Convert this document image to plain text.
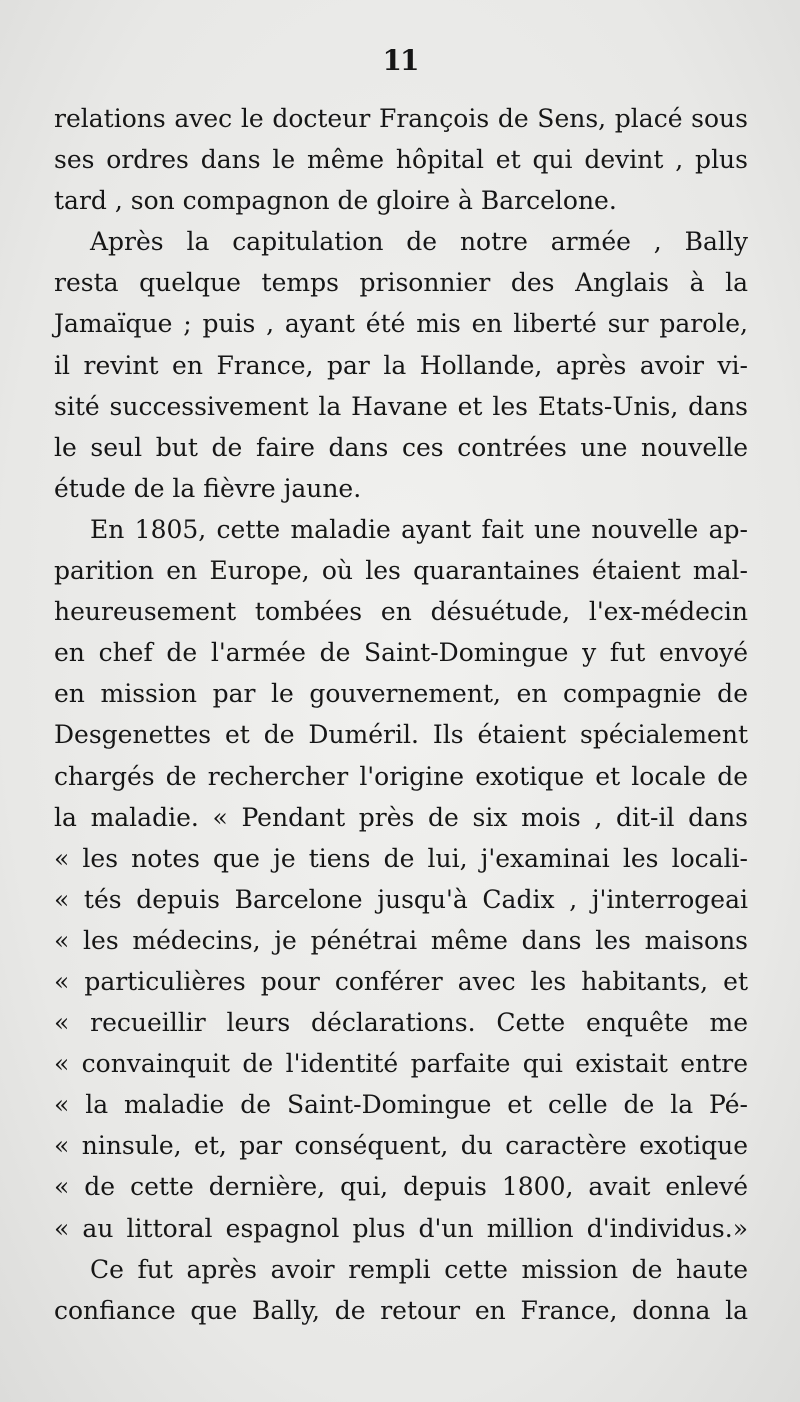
11
relations avec le docteur François de Sens, placé sous
ses ordres dans le même hôpital et qui devint , plus
tard , son compagnon de gloire à Barcelone.
Après la capitulation de notre armée , Bally
resta quelque temps prisonnier des Anglais à la
Jamaïque ; puis , ayant été mis en liberté sur parole,
il revint en France, par la Hollande, après avoir vi-
sité successivement la Havane et les Etats-Unis, dans
le seul but de faire dans ces contrées une nouvelle
étude de la fièvre jaune.
En 1805, cette maladie ayant fait une nouvelle ap-
parition en Europe, où les quarantaines étaient mal-
heureusement tombées en désuétude, l'ex-médecin
en chef de l'armée de Saint-Domingue y fut envoyé
en mission par le gouvernement, en compagnie de
Desgenettes et de Duméril. Ils étaient spécialement
chargés de rechercher l'origine exotique et locale de
la maladie. « Pendant près de six mois , dit-il dans
« les notes que je tiens de lui, j'examinai les locali-
« tés depuis Barcelone jusqu'à Cadix , j'interrogeai
« les médecins, je pénétrai même dans les maisons
« particulières pour conférer avec les habitants, et
« recueillir leurs déclarations. Cette enquête me
« convainquit de l'identité parfaite qui existait entre
« la maladie de Saint-Domingue et celle de la Pé-
« ninsule, et, par conséquent, du caractère exotique
« de cette dernière, qui, depuis 1800, avait enlevé
« au littoral espagnol plus d'un million d'individus.»
Ce fut après avoir rempli cette mission de haute
confiance que Bally, de retour en France, donna la
